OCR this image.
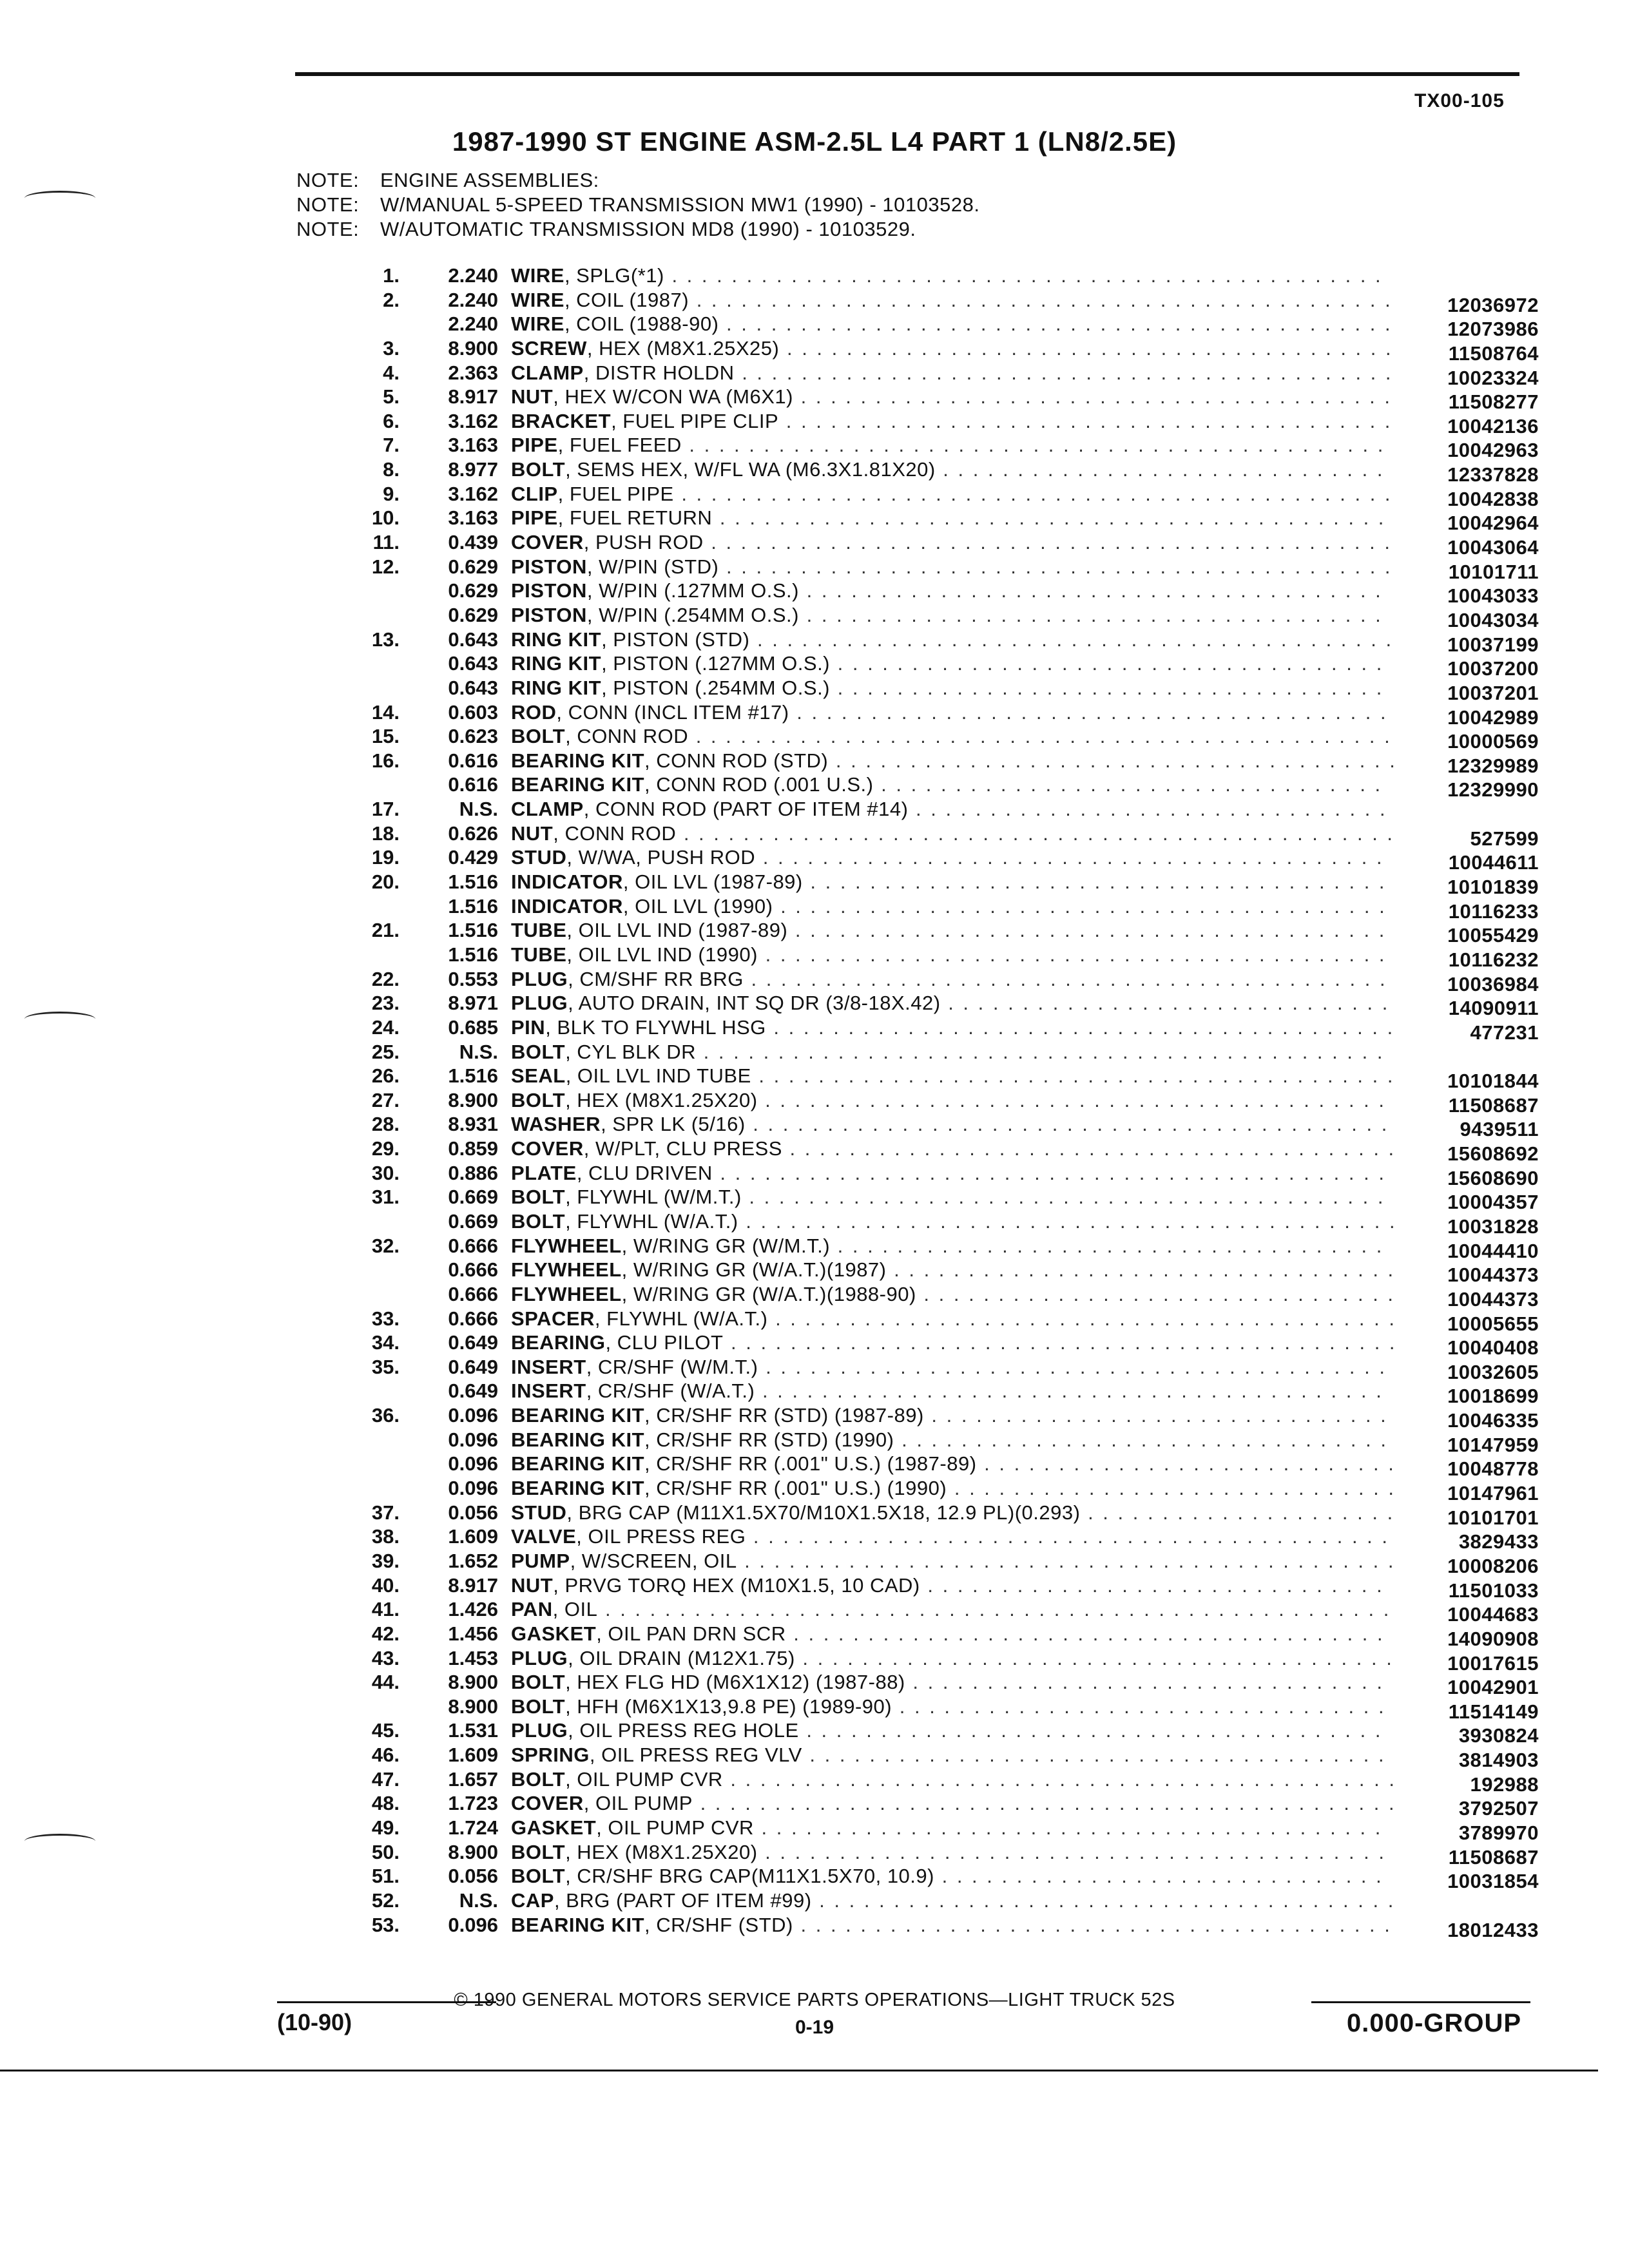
TX00-105
1987-1990 ST ENGINE ASM-2.5L L4 PART 1 (LN8/2.5E)
NOTE: ENGINE ASSEMBLIES:
NOTE: W/MANUAL 5-SPEED TRANSMISSION MW1 (1990) - 10103528.
NOTE: W/AUTOMATIC TRANSMISSION MD8 (1990) - 10103529.
1.	2.240 WIRE, SPLG(*1) . . . . . . . . . . . . . . . . . . . . . . . . . . . . . . . . . . . . . . . . . . . . . . . .
2.	2.240 WIRE, COIL (1987) . . . . . . . . . . . . . . . . . . . . . . . . . . . . . . . . . . . . . . . . . . . . . . .	12036972
2.240 WIRE, COIL (1988-90) . . . . . . . . . . . . . . . . . . . . . . . . . . . . . . . . . . . . . . . . . . . . .	12073986
3.	8.900 SCREW, HEX (M8X1.25X25) . . . . . . . . . . . . . . . . . . . . . . . . . . . . . . . . . . . . . . . . .	11508764
4.	2.363 CLAMP, DISTR HOLDN . . . . . . . . . . . . . . . . . . . . . . . . . . . . . . . . . . . . . . . . . . . .	10023324
5.	8.917 NUT, HEX W/CON WA (M6X1) . . . . . . . . . . . . . . . . . . . . . . . . . . . . . . . . . . . . . . . .	11508277
6.	3.162 BRACKET, FUEL PIPE CLIP . . . . . . . . . . . . . . . . . . . . . . . . . . . . . . . . . . . . . . . . .	10042136
7.	3.163 PIPE, FUEL FEED . . . . . . . . . . . . . . . . . . . . . . . . . . . . . . . . . . . . . . . . . . . . . . .	10042963
8.	8.977 BOLT, SEMS HEX, W/FL WA (M6.3X1.81X20) . . . . . . . . . . . . . . . . . . . . . . . . . . . . . .	12337828
9.	3.162 CLIP, FUEL PIPE . . . . . . . . . . . . . . . . . . . . . . . . . . . . . . . . . . . . . . . . . . . . . . . .	10042838
10.	3.163 PIPE, FUEL RETURN . . . . . . . . . . . . . . . . . . . . . . . . . . . . . . . . . . . . . . . . . . . . .	10042964
11.	0.439 COVER, PUSH ROD . . . . . . . . . . . . . . . . . . . . . . . . . . . . . . . . . . . . . . . . . . . . . .	10043064
12.	0.629 PISTON, W/PIN (STD) . . . . . . . . . . . . . . . . . . . . . . . . . . . . . . . . . . . . . . . . . . . . .	10101711
0.629 PISTON, W/PIN (.127MM O.S.) . . . . . . . . . . . . . . . . . . . . . . . . . . . . . . . . . . . . . . .	10043033
0.629 PISTON, W/PIN (.254MM O.S.) . . . . . . . . . . . . . . . . . . . . . . . . . . . . . . . . . . . . . . .	10043034
13.	0.643 RING KIT, PISTON (STD) . . . . . . . . . . . . . . . . . . . . . . . . . . . . . . . . . . . . . . . . . . .	10037199
0.643 RING KIT, PISTON (.127MM O.S.) . . . . . . . . . . . . . . . . . . . . . . . . . . . . . . . . . . . . .	10037200
0.643 RING KIT, PISTON (.254MM O.S.) . . . . . . . . . . . . . . . . . . . . . . . . . . . . . . . . . . . . .	10037201
14.	0.603 ROD, CONN (INCL ITEM #17) . . . . . . . . . . . . . . . . . . . . . . . . . . . . . . . . . . . . . . . .	10042989
15.	0.623 BOLT, CONN ROD . . . . . . . . . . . . . . . . . . . . . . . . . . . . . . . . . . . . . . . . . . . . . . .	10000569
16.	0.616 BEARING KIT, CONN ROD (STD) . . . . . . . . . . . . . . . . . . . . . . . . . . . . . . . . . . . . . .	12329989
0.616 BEARING KIT, CONN ROD (.001 U.S.) . . . . . . . . . . . . . . . . . . . . . . . . . . . . . . . . . .	12329990
17.	N.S. CLAMP, CONN ROD (PART OF ITEM #14) . . . . . . . . . . . . . . . . . . . . . . . . . . . . . . . .
18.	0.626 NUT, CONN ROD . . . . . . . . . . . . . . . . . . . . . . . . . . . . . . . . . . . . . . . . . . . . . . . .	527599
19.	0.429 STUD, W/WA, PUSH ROD . . . . . . . . . . . . . . . . . . . . . . . . . . . . . . . . . . . . . . . . . .	10044611
20.	1.516 INDICATOR, OIL LVL (1987-89) . . . . . . . . . . . . . . . . . . . . . . . . . . . . . . . . . . . . . . .	10101839
1.516 INDICATOR, OIL LVL (1990) . . . . . . . . . . . . . . . . . . . . . . . . . . . . . . . . . . . . . . . . .	10116233
21.	1.516 TUBE, OIL LVL IND (1987-89) . . . . . . . . . . . . . . . . . . . . . . . . . . . . . . . . . . . . . . . .	10055429
1.516 TUBE, OIL LVL IND (1990) . . . . . . . . . . . . . . . . . . . . . . . . . . . . . . . . . . . . . . . . . .	10116232
22.	0.553 PLUG, CM/SHF RR BRG . . . . . . . . . . . . . . . . . . . . . . . . . . . . . . . . . . . . . . . . . . .	10036984
23.	8.971 PLUG, AUTO DRAIN, INT SQ DR (3/8-18X.42) . . . . . . . . . . . . . . . . . . . . . . . . . . . . . .	14090911
24.	0.685 PIN, BLK TO FLYWHL HSG . . . . . . . . . . . . . . . . . . . . . . . . . . . . . . . . . . . . . . . . . .	477231
25.	N.S. BOLT, CYL BLK DR . . . . . . . . . . . . . . . . . . . . . . . . . . . . . . . . . . . . . . . . . . . . . .
26.	1.516 SEAL, OIL LVL IND TUBE . . . . . . . . . . . . . . . . . . . . . . . . . . . . . . . . . . . . . . . . . . .	10101844
27.	8.900 BOLT, HEX (M8X1.25X20) . . . . . . . . . . . . . . . . . . . . . . . . . . . . . . . . . . . . . . . . . .	11508687
28.	8.931 WASHER, SPR LK (5/16) . . . . . . . . . . . . . . . . . . . . . . . . . . . . . . . . . . . . . . . . . . .	9439511
29.	0.859 COVER, W/PLT, CLU PRESS . . . . . . . . . . . . . . . . . . . . . . . . . . . . . . . . . . . . . . . . .	15608692
30.	0.886 PLATE, CLU DRIVEN . . . . . . . . . . . . . . . . . . . . . . . . . . . . . . . . . . . . . . . . . . . . .	15608690
31.	0.669 BOLT, FLYWHL (W/M.T.) . . . . . . . . . . . . . . . . . . . . . . . . . . . . . . . . . . . . . . . . . . .	10004357
0.669 BOLT, FLYWHL (W/A.T.) . . . . . . . . . . . . . . . . . . . . . . . . . . . . . . . . . . . . . . . . . . . .	10031828
32.	0.666 FLYWHEEL, W/RING GR (W/M.T.) . . . . . . . . . . . . . . . . . . . . . . . . . . . . . . . . . . . . .	10044410
0.666 FLYWHEEL, W/RING GR (W/A.T.)(1987) . . . . . . . . . . . . . . . . . . . . . . . . . . . . . . . . . .	10044373
0.666 FLYWHEEL, W/RING GR (W/A.T.)(1988-90) . . . . . . . . . . . . . . . . . . . . . . . . . . . . . . . .	10044373
33.	0.666 SPACER, FLYWHL (W/A.T.) . . . . . . . . . . . . . . . . . . . . . . . . . . . . . . . . . . . . . . . . . .	10005655
34.	0.649 BEARING, CLU PILOT . . . . . . . . . . . . . . . . . . . . . . . . . . . . . . . . . . . . . . . . . . . . .	10040408
35.	0.649 INSERT, CR/SHF (W/M.T.) . . . . . . . . . . . . . . . . . . . . . . . . . . . . . . . . . . . . . . . . . .	10032605
0.649 INSERT, CR/SHF (W/A.T.) . . . . . . . . . . . . . . . . . . . . . . . . . . . . . . . . . . . . . . . . . .	10018699
36.	0.096 BEARING KIT, CR/SHF RR (STD) (1987-89) . . . . . . . . . . . . . . . . . . . . . . . . . . . . . . .	10046335
0.096 BEARING KIT, CR/SHF RR (STD) (1990) . . . . . . . . . . . . . . . . . . . . . . . . . . . . . . . . .	10147959
0.096 BEARING KIT, CR/SHF RR (.001" U.S.) (1987-89) . . . . . . . . . . . . . . . . . . . . . . . . . . . .	10048778
0.096 BEARING KIT, CR/SHF RR (.001" U.S.) (1990) . . . . . . . . . . . . . . . . . . . . . . . . . . . . . .	10147961
37.	0.056 STUD, BRG CAP (M11X1.5X70/M10X1.5X18, 12.9 PL)(0.293) . . . . . . . . . . . . . . . . . . . . .	10101701
38.	1.609 VALVE, OIL PRESS REG . . . . . . . . . . . . . . . . . . . . . . . . . . . . . . . . . . . . . . . . . . .	3829433
39.	1.652 PUMP, W/SCREEN, OIL . . . . . . . . . . . . . . . . . . . . . . . . . . . . . . . . . . . . . . . . . . . .	10008206
40.	8.917 NUT, PRVG TORQ HEX (M10X1.5, 10 CAD) . . . . . . . . . . . . . . . . . . . . . . . . . . . . . . .	11501033
41.	1.426 PAN, OIL . . . . . . . . . . . . . . . . . . . . . . . . . . . . . . . . . . . . . . . . . . . . . . . . . . . . .	10044683
42.	1.456 GASKET, OIL PAN DRN SCR . . . . . . . . . . . . . . . . . . . . . . . . . . . . . . . . . . . . . . . .	14090908
43.	1.453 PLUG, OIL DRAIN (M12X1.75) . . . . . . . . . . . . . . . . . . . . . . . . . . . . . . . . . . . . . . . .	10017615
44.	8.900 BOLT, HEX FLG HD (M6X1X12) (1987-88) . . . . . . . . . . . . . . . . . . . . . . . . . . . . . . . .	10042901
8.900 BOLT, HFH (M6X1X13,9.8 PE) (1989-90) . . . . . . . . . . . . . . . . . . . . . . . . . . . . . . . . .	11514149
45.	1.531 PLUG, OIL PRESS REG HOLE . . . . . . . . . . . . . . . . . . . . . . . . . . . . . . . . . . . . . . .	3930824
46.	1.609 SPRING, OIL PRESS REG VLV . . . . . . . . . . . . . . . . . . . . . . . . . . . . . . . . . . . . . . .	3814903
47.	1.657 BOLT, OIL PUMP CVR . . . . . . . . . . . . . . . . . . . . . . . . . . . . . . . . . . . . . . . . . . . . .	192988
48.	1.723 COVER, OIL PUMP . . . . . . . . . . . . . . . . . . . . . . . . . . . . . . . . . . . . . . . . . . . . . . .	3792507
49.	1.724 GASKET, OIL PUMP CVR . . . . . . . . . . . . . . . . . . . . . . . . . . . . . . . . . . . . . . . . . .	3789970
50.	8.900 BOLT, HEX (M8X1.25X20) . . . . . . . . . . . . . . . . . . . . . . . . . . . . . . . . . . . . . . . . . .	11508687
51.	0.056 BOLT, CR/SHF BRG CAP(M11X1.5X70, 10.9) . . . . . . . . . . . . . . . . . . . . . . . . . . . . . .	10031854
52.	N.S. CAP, BRG (PART OF ITEM #99) . . . . . . . . . . . . . . . . . . . . . . . . . . . . . . . . . . . . . . .
53.	0.096 BEARING KIT, CR/SHF (STD) . . . . . . . . . . . . . . . . . . . . . . . . . . . . . . . . . . . . . . . .	18012433
© 1990 GENERAL MOTORS SERVICE PARTS OPERATIONS—LIGHT TRUCK 52S
(10-90)	0-19	0.000-GROUP
